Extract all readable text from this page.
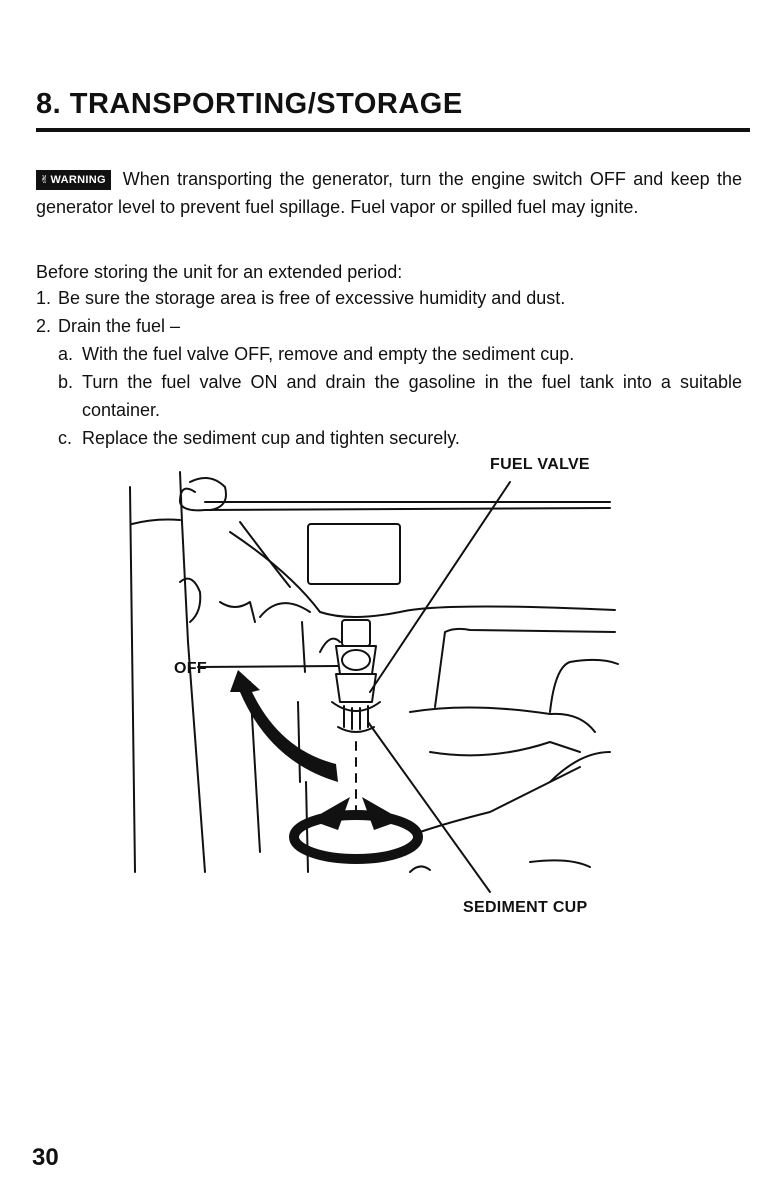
8. TRANSPORTING/STORAGE

✌WARNING When transporting the generator, turn the engine switch OFF and keep the generator level to prevent fuel spillage. Fuel vapor or spilled fuel may ignite.

Before storing the unit for an extended period:

1. Be sure the storage area is free of excessive humidity and dust.
2. Drain the fuel –
a. With the fuel valve OFF, remove and empty the sediment cup.
b. Turn the fuel valve ON and drain the gasoline in the fuel tank into a suitable container.
c. Replace the sediment cup and tighten securely.
FUEL VALVE
OFF
SEDIMENT CUP
30
